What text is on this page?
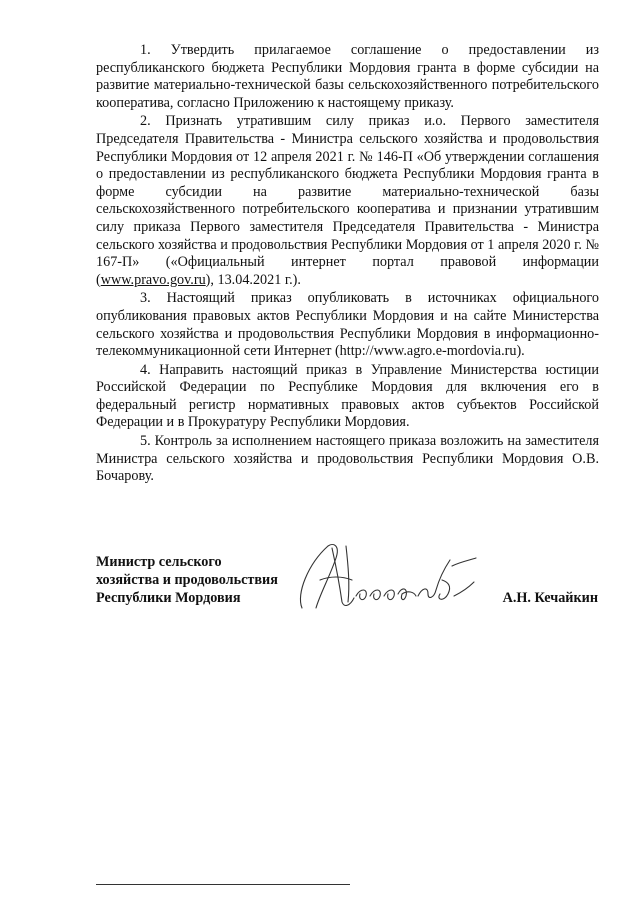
1. Утвердить прилагаемое соглашение о предоставлении из республиканского бюджета Республики Мордовия гранта в форме субсидии на развитие материально-технической базы сельскохозяйственного потребительского кооператива, согласно Приложению к настоящему приказу.

2. Признать утратившим силу приказ и.о. Первого заместителя Председателя Правительства - Министра сельского хозяйства и продовольствия Республики Мордовия от 12 апреля 2021 г. № 146-П «Об утверждении соглашения о предоставлении из республиканского бюджета Республики Мордовия гранта в форме субсидии на развитие материально-технической базы сельскохозяйственного потребительского кооператива и признании утратившим силу приказа Первого заместителя Председателя Правительства - Министра сельского хозяйства и продовольствия Республики Мордовия от 1 апреля 2020 г. № 167-П» («Официальный интернет портал правовой информации (www.pravo.gov.ru), 13.04.2021 г.).

3. Настоящий приказ опубликовать в источниках официального опубликования правовых актов Республики Мордовия и на сайте Министерства сельского хозяйства и продовольствия Республики Мордовия в информационно-телекоммуникационной сети Интернет (http://www.agro.e-mordovia.ru).

4. Направить настоящий приказ в Управление Министерства юстиции Российской Федерации по Республике Мордовия для включения его в федеральный регистр нормативных правовых актов субъектов Российской Федерации и в Прокуратуру Республики Мордовия.

5. Контроль за исполнением настоящего приказа возложить на заместителя Министра сельского хозяйства и продовольствия Республики Мордовия О.В. Бочарову.

Министр сельского
хозяйства и продовольствия
Республики Мордовия	А.Н. Кечайкин
